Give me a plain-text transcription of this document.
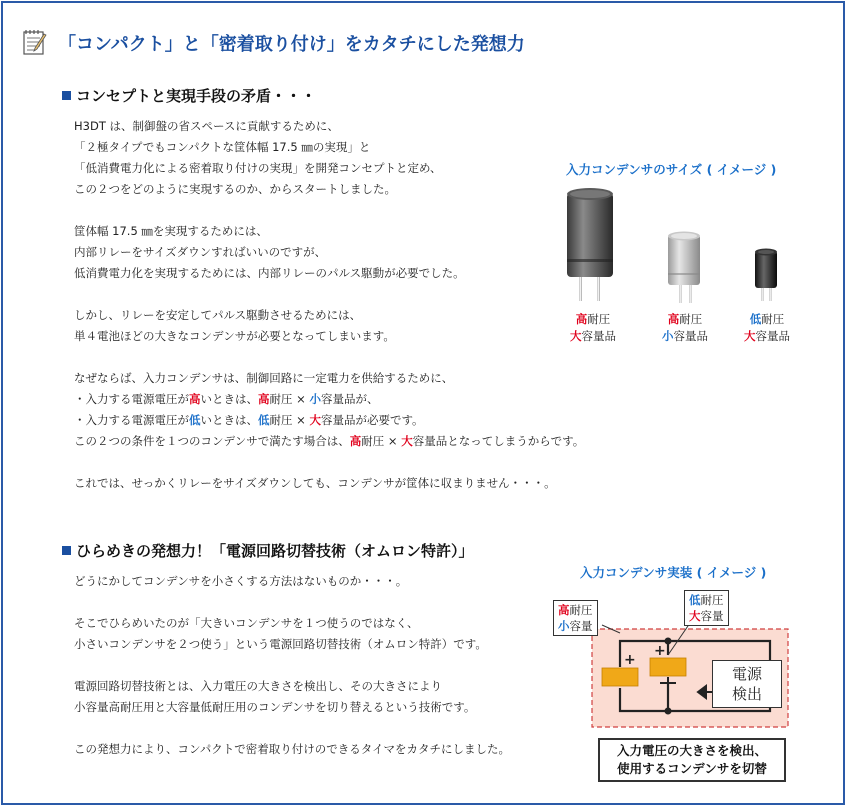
「コンパクト」と「密着取り付け」をカタチにした発想力
コンセプトと実現手段の矛盾・・・

H3DT は、制御盤の省スペースに貢献するために、

「２極タイプでもコンパクトな筐体幅 17.5 ㎜の実現」と

「低消費電力化による密着取り付けの実現」を開発コンセプトと定め、

この２つをどのように実現するのか、からスタートしました。

筐体幅 17.5 ㎜を実現するためには、

内部リレーをサイズダウンすればいいのですが、

低消費電力化を実現するためには、内部リレーのパルス駆動が必要でした。

しかし、リレーを安定してパルス駆動させるためには、

単４電池ほどの大きなコンデンサが必要となってしまいます。

なぜならば、入力コンデンサは、制御回路に一定電力を供給するために、

・入力する電源電圧が高いときは、高耐圧 × 小容量品が、

・入力する電源電圧が低いときは、低耐圧 × 大容量品が必要です。

この２つの条件を１つのコンデンサで満たす場合は、高耐圧 × 大容量品となってしまうからです。

これでは、せっかくリレーをサイズダウンしても、コンデンサが筐体に収まりません・・・。

入力コンデンサのサイズ ( イメージ )
高耐圧
大容量品
高耐圧
小容量品
低耐圧
大容量品
ひらめきの発想力！「電源回路切替技術（オムロン特許）」

どうにかしてコンデンサを小さくする方法はないものか・・・。

そこでひらめいたのが「大きいコンデンサを１つ使うのではなく、

小さいコンデンサを２つ使う」という電源回路切替技術（オムロン特許）です。

電源回路切替技術とは、入力電圧の大きさを検出し、その大きさにより

小容量高耐圧用と大容量低耐圧用のコンデンサを切り替えるという技術です。

この発想力により、コンパクトで密着取り付けのできるタイマをカタチにしました。

入力コンデンサ実装 ( イメージ )
+
+
高耐圧
小容量
低耐圧
大容量
電源
検出
入力電圧の大きさを検出、
使用するコンデンサを切替
